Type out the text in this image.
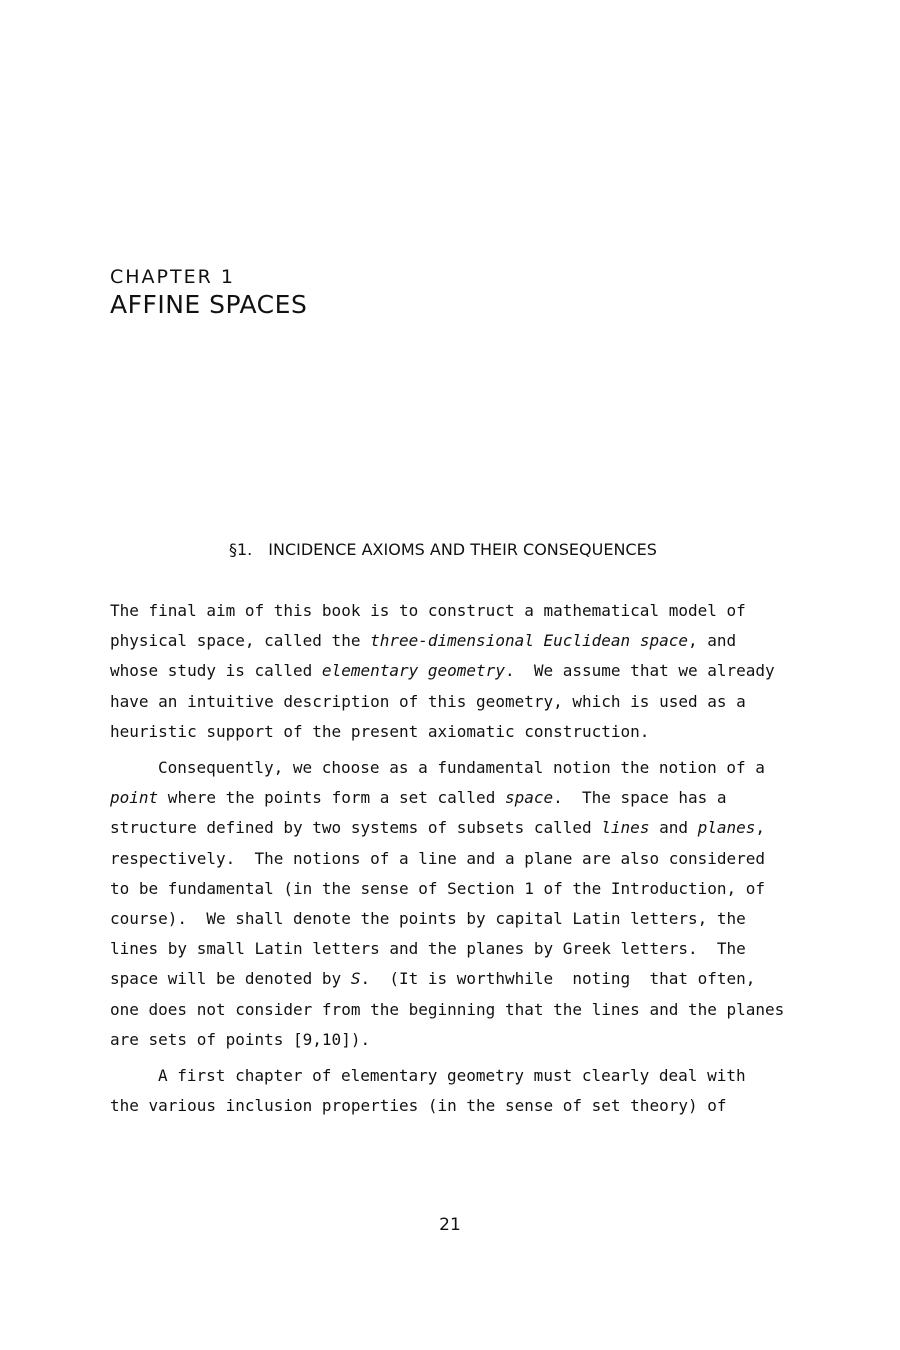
CHAPTER 1
AFFINE SPACES
§1. INCIDENCE AXIOMS AND THEIR CONSEQUENCES

The final aim of this book is to construct a mathematical model of
physical space, called the three-dimensional Euclidean space, and
whose study is called elementary geometry.  We assume that we already
have an intuitive description of this geometry, which is used as a
heuristic support of the present axiomatic construction.

Consequently, we choose as a fundamental notion the notion of a
point where the points form a set called space.  The space has a
structure defined by two systems of subsets called lines and planes,
respectively.  The notions of a line and a plane are also considered
to be fundamental (in the sense of Section 1 of the Introduction, of
course).  We shall denote the points by capital Latin letters, the
lines by small Latin letters and the planes by Greek letters.  The
space will be denoted by S.  (It is worthwhile  noting  that often,
one does not consider from the beginning that the lines and the planes
are sets of points [9,10]).

A first chapter of elementary geometry must clearly deal with
the various inclusion properties (in the sense of set theory) of

21
